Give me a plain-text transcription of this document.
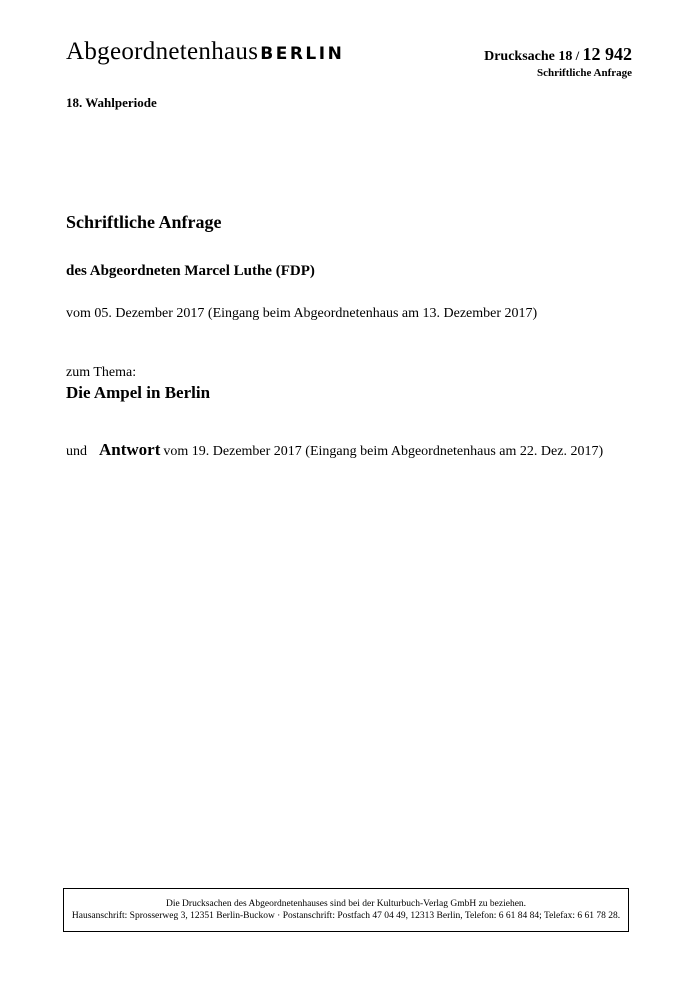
Abgeordnetenhaus BERLIN	Drucksache 18 / 12 942
Schriftliche Anfrage
18. Wahlperiode
Schriftliche Anfrage
des Abgeordneten Marcel Luthe (FDP)
vom 05. Dezember 2017 (Eingang beim Abgeordnetenhaus am 13. Dezember 2017)
zum Thema:
Die Ampel in Berlin
und Antwort vom 19. Dezember 2017 (Eingang beim Abgeordnetenhaus am 22. Dez. 2017)
Die Drucksachen des Abgeordnetenhauses sind bei der Kulturbuch-Verlag GmbH zu beziehen.
Hausanschrift: Sprosserweg 3, 12351 Berlin-Buckow · Postanschrift: Postfach 47 04 49, 12313 Berlin, Telefon: 6 61 84 84; Telefax: 6 61 78 28.
